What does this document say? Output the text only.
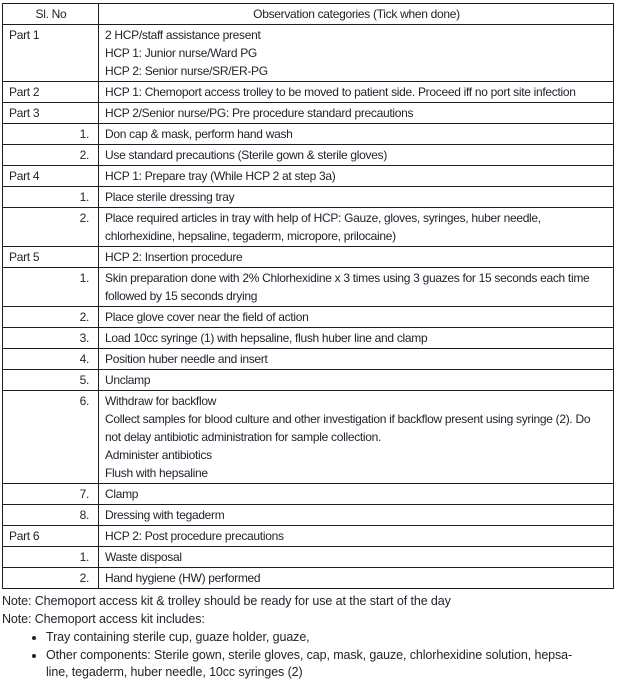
Sl. No	Observation categories (Tick when done)
Part 1	2 HCP/staff assistance present
HCP 1: Junior nurse/Ward PG
HCP 2: Senior nurse/SR/ER-PG

Part 2	HCP 1: Chemoport access trolley to be moved to patient side. Proceed iff no port site infection

Part 3	HCP 2/Senior nurse/PG: Pre procedure standard precautions

1.	Don cap & mask, perform hand wash

2.	Use standard precautions (Sterile gown & sterile gloves)

Part 4	HCP 1: Prepare tray (While HCP 2 at step 3a)

1.	Place sterile dressing tray

2.	Place required articles in tray with help of HCP: Gauze, gloves, syringes, huber needle,
chlorhexidine, hepsaline, tegaderm, micropore, prilocaine)

Part 5	HCP 2: Insertion procedure

1.	Skin preparation done with 2% Chlorhexidine x 3 times using 3 guazes for 15 seconds each time
followed by 15 seconds drying

2.	Place glove cover near the field of action

3.	Load 10cc syringe (1) with hepsaline, flush huber line and clamp

4.	Position huber needle and insert

5.	Unclamp

6.	Withdraw for backflow
Collect samples for blood culture and other investigation if backflow present using syringe (2). Do
not delay antibiotic administration for sample collection.
Administer antibiotics
Flush with hepsaline

7.	Clamp

8.	Dressing with tegaderm

Part 6	HCP 2: Post procedure precautions

1.	Waste disposal

2.	Hand hygiene (HW) performed
Note: Chemoport access kit & trolley should be ready for use at the start of the day
Note: Chemoport access kit includes:
• Tray containing sterile cup, guaze holder, guaze,
• Other components: Sterile gown, sterile gloves, cap, mask, gauze, chlorhexidine solution, hepsa-
line, tegaderm, huber needle, 10cc syringes (2)
